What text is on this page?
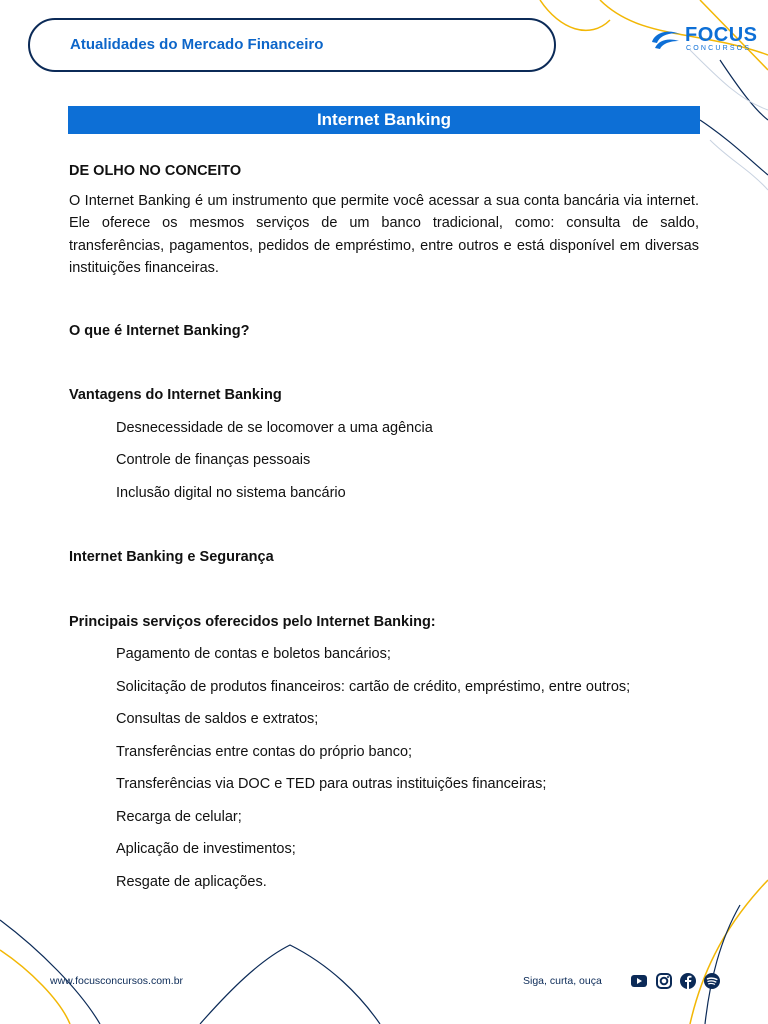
Atualidades do Mercado Financeiro	FOCUS
CONCURSOS
Internet Banking

DE OLHO NO CONCEITO

O Internet Banking é um instrumento que permite você acessar a sua conta bancária via internet. Ele oferece os mesmos serviços de um banco tradicional, como: consulta de saldo, transferências, pagamentos, pedidos de empréstimo, entre outros e está disponível em diversas instituições financeiras.

O que é Internet Banking?

Vantagens do Internet Banking

Desnecessidade de se locomover a uma agência

Controle de finanças pessoais

Inclusão digital no sistema bancário

Internet Banking e Segurança

Principais serviços oferecidos pelo Internet Banking:

Pagamento de contas e boletos bancários;

Solicitação de produtos financeiros: cartão de crédito, empréstimo, entre outros;

Consultas de saldos e extratos;

Transferências entre contas do próprio banco;

Transferências via DOC e TED para outras instituições financeiras;

Recarga de celular;

Aplicação de investimentos;

Resgate de aplicações.

www.focusconcursos.com.br	Siga, curta, ouça
